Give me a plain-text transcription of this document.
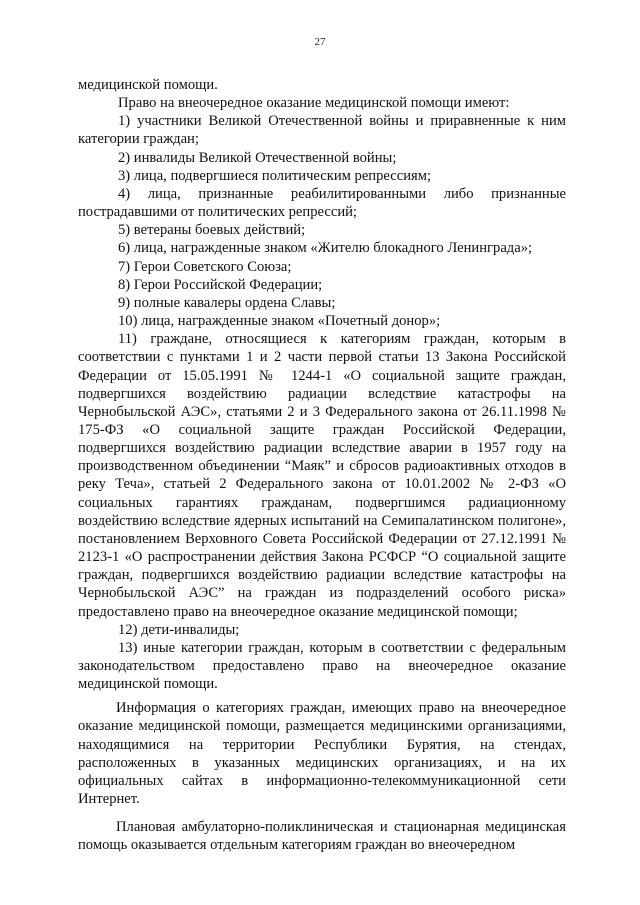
27

медицинской помощи.

Право на внеочередное оказание медицинской помощи имеют:

1) участники Великой Отечественной войны и приравненные к ним категории граждан;

2) инвалиды Великой Отечественной войны;

3) лица, подвергшиеся политическим репрессиям;

4) лица, признанные реабилитированными либо признанные пострадавшими от политических репрессий;

5) ветераны боевых действий;

6) лица, награжденные знаком «Жителю блокадного Ленинграда»;

7) Герои Советского Союза;

8) Герои Российской Федерации;

9) полные кавалеры ордена Славы;

10) лица, награжденные знаком «Почетный донор»;

11) граждане, относящиеся к категориям граждан, которым в соответствии с пунктами 1 и 2 части первой статьи 13 Закона Российской Федерации от 15.05.1991 № 1244-1 «О социальной защите граждан, подвергшихся воздействию радиации вследствие катастрофы на Чернобыльской АЭС», статьями 2 и 3 Федерального закона от 26.11.1998 № 175-ФЗ «О социальной защите граждан Российской Федерации, подвергшихся воздействию радиации вследствие аварии в 1957 году на производственном объединении “Маяк” и сбросов радиоактивных отходов в реку Теча», статьей 2 Федерального закона от 10.01.2002 № 2-ФЗ «О социальных гарантиях гражданам, подвергшимся радиационному воздействию вследствие ядерных испытаний на Семипалатинском полигоне», постановлением Верховного Совета Российской Федерации от 27.12.1991 № 2123-1 «О распространении действия Закона РСФСР “О социальной защите граждан, подвергшихся воздействию радиации вследствие катастрофы на Чернобыльской АЭС” на граждан из подразделений особого риска» предоставлено право на внеочередное оказание медицинской помощи;

12) дети-инвалиды;

13) иные категории граждан, которым в соответствии с федеральным законодательством предоставлено право на внеочередное оказание медицинской помощи.

Информация о категориях граждан, имеющих право на внеочередное оказание медицинской помощи, размещается медицинскими организациями, находящимися на территории Республики Бурятия, на стендах, расположенных в указанных медицинских организациях, и на их официальных сайтах в информационно-телекоммуникационной сети Интернет.

Плановая амбулаторно-поликлиническая и стационарная медицинская помощь оказывается отдельным категориям граждан во внеочередном
